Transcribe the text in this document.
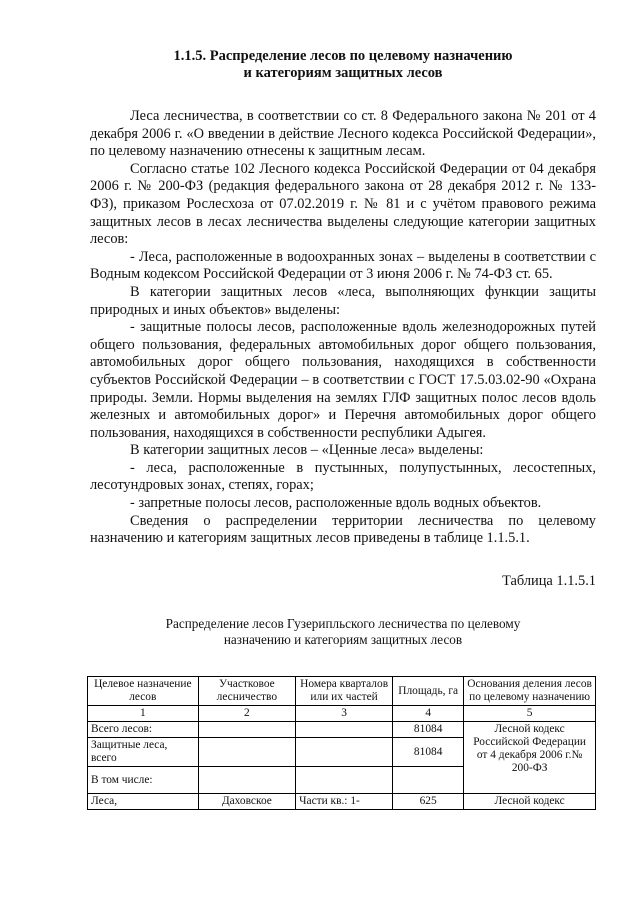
1.1.5. Распределение лесов по целевому назначению
и категориям защитных лесов

Леса лесничества, в соответствии со ст. 8 Федерального закона № 201 от 4 декабря 2006 г. «О введении в действие Лесного кодекса Российской Федерации», по целевому назначению отнесены к защитным лесам.

Согласно статье 102 Лесного кодекса Российской Федерации от 04 декабря 2006 г. № 200-ФЗ (редакция федерального закона от 28 декабря 2012 г. № 133-ФЗ), приказом Рослесхоза от 07.02.2019 г. № 81 и с учётом правового режима защитных лесов в лесах лесничества выделены следующие категории защитных лесов:

- Леса, расположенные в водоохранных зонах – выделены в соответствии с Водным кодексом Российской Федерации от 3 июня 2006 г. № 74-ФЗ ст. 65.

В категории защитных лесов «леса, выполняющих функции защиты природных и иных объектов» выделены:

- защитные полосы лесов, расположенные вдоль железнодорожных путей общего пользования, федеральных автомобильных дорог общего пользования, автомобильных дорог общего пользования, находящихся в собственности субъектов Российской Федерации – в соответствии с ГОСТ 17.5.03.02-90 «Охрана природы. Земли. Нормы выделения на землях ГЛФ защитных полос лесов вдоль железных и автомобильных дорог» и Перечня автомобильных дорог общего пользования, находящихся в собственности республики Адыгея.

В категории защитных лесов – «Ценные леса» выделены:

- леса, расположенные в пустынных, полупустынных, лесостепных, лесотундровых зонах, степях, горах;

- запретные полосы лесов, расположенные вдоль водных объектов.

Сведения о распределении территории лесничества по целевому назначению и категориям защитных лесов приведены в таблице 1.1.5.1.

Таблица 1.1.5.1
Распределение лесов Гузерипльского лесничества по целевому
назначению и категориям защитных лесов
Целевое назначение лесов	Участковое лесничество	Номера кварталов или их частей	Площадь, га	Основания деления лесов по целевому назначению
1	2	3	4	5
Всего лесов:			81084	Лесной кодекс Российской Федерации от 4 декабря 2006 г.№ 200-ФЗ
Защитные леса, всего			81084	
В том числе:				
Леса,	Даховское	Части кв.: 1-	625	Лесной кодекс
